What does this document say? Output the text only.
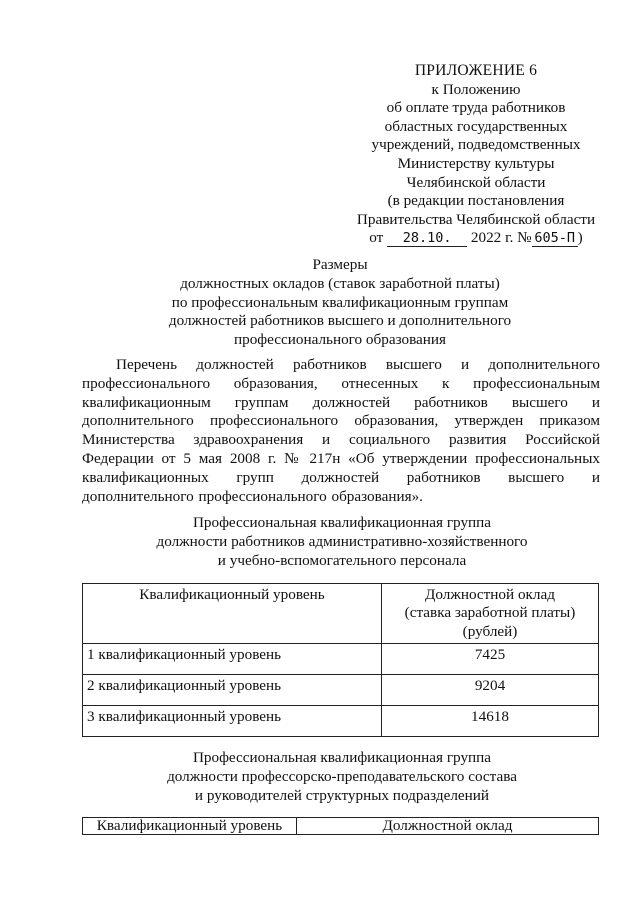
ПРИЛОЖЕНИЕ 6
к Положению
об оплате труда работников
областных государственных
учреждений, подведомственных
Министерству культуры
Челябинской области
(в редакции постановления
Правительства Челябинской области
от 28.10. 2022 г. № 605-П )
Размеры
должностных окладов (ставок заработной платы)
по профессиональным квалификационным группам
должностей работников высшего и дополнительного
профессионального образования
Перечень должностей работников высшего и дополнительного профессионального образования, отнесенных к профессиональным квалификационным группам должностей работников высшего и дополнительного профессионального образования, утвержден приказом Министерства здравоохранения и социального развития Российской Федерации от 5 мая 2008 г. № 217н «Об утверждении профессиональных квалификационных групп должностей работников высшего и дополнительного профессионального образования».
Профессиональная квалификационная группа
должности работников административно-хозяйственного
и учебно-вспомогательного персонала
Квалификационный уровень	Должностной оклад
(ставка заработной платы)
(рублей)

1 квалификационный уровень	7425
2 квалификационный уровень	9204
3 квалификационный уровень	14618
Профессиональная квалификационная группа
должности профессорско-преподавательского состава
и руководителей структурных подразделений
Квалификационный уровень	Должностной оклад
